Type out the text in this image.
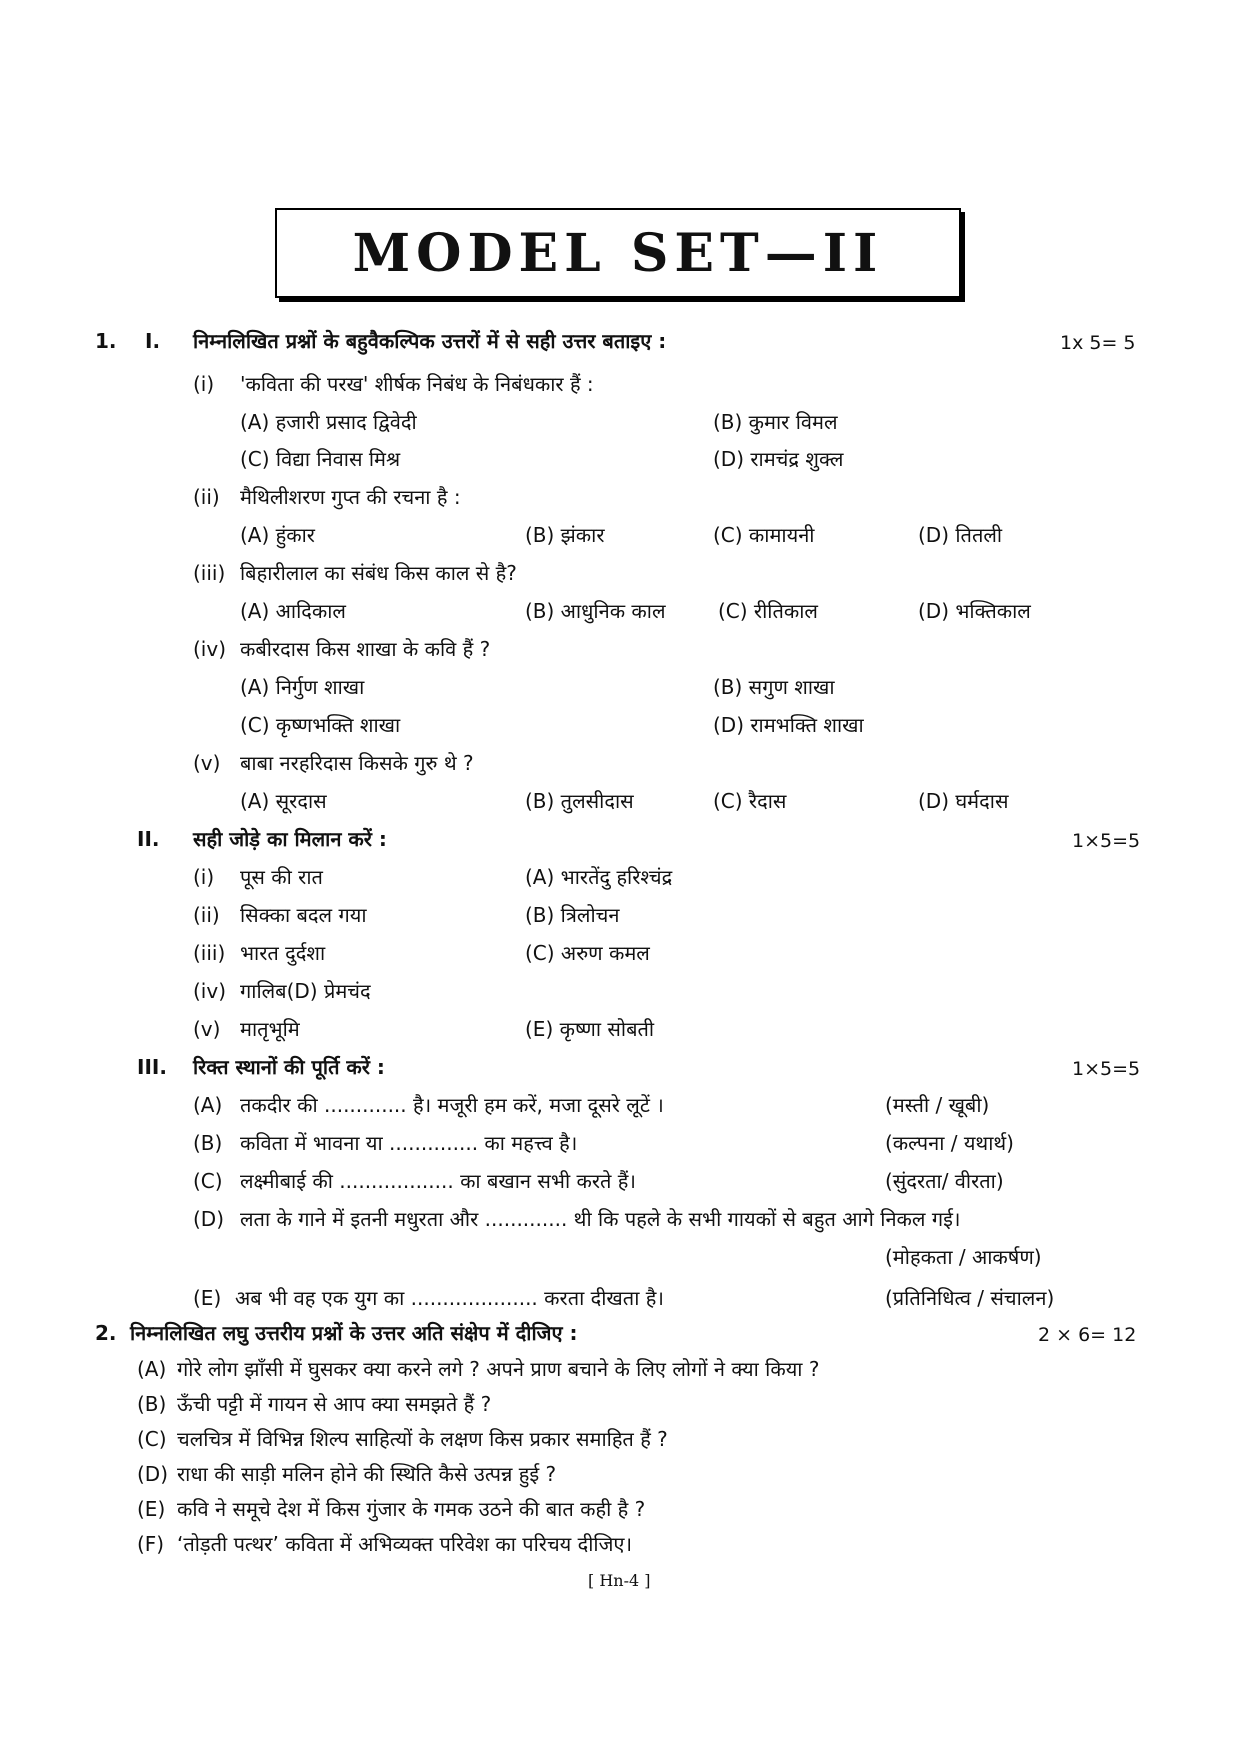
MODEL SET—II
1. I. निम्नलिखित प्रश्नों के बहुवैकल्पिक उत्तरों में से सही उत्तर बताइए :	1x 5= 5
(i) 'कविता की परख' शीर्षक निबंध के निबंधकार हैं :
(A) हजारी प्रसाद द्विवेदी	(B) कुमार विमल
(C) विद्या निवास मिश्र	(D) रामचंद्र शुक्ल
(ii) मैथिलीशरण गुप्त की रचना है :
(A) हुंकार	(B) झंकार	(C) कामायनी	(D) तितली
(iii) बिहारीलाल का संबंध किस काल से है?
(A) आदिकाल	(B) आधुनिक काल	(C) रीतिकाल	(D) भक्तिकाल
(iv) कबीरदास किस शाखा के कवि हैं ?
(A) निर्गुण शाखा	(B) सगुण शाखा
(C) कृष्णभक्ति शाखा	(D) रामभक्ति शाखा
(v) बाबा नरहरिदास किसके गुरु थे ?
(A) सूरदास	(B) तुलसीदास	(C) रैदास	(D) घर्मदास
II. सही जोड़े का मिलान करें :	1×5=5
(i) पूस की रात	(A) भारतेंदु हरिश्चंद्र
(ii) सिक्का बदल गया	(B) त्रिलोचन
(iii) भारत दुर्दशा	(C) अरुण कमल
(iv) गालिब(D) प्रेमचंद
(v) मातृभूमि	(E) कृष्णा सोबती
III. रिक्त स्थानों की पूर्ति करें :	1×5=5
(A) तकदीर की ............. है। मजूरी हम करें, मजा दूसरे लूटें ।	(मस्ती / खूबी)
(B) कविता में भावना या .............. का महत्त्व है।	(कल्पना / यथार्थ)
(C) लक्ष्मीबाई की .................. का बखान सभी करते हैं।	(सुंदरता/ वीरता)
(D) लता के गाने में इतनी मधुरता और ............. थी कि पहले के सभी गायकों से बहुत आगे निकल गई।
(मोहकता / आकर्षण)
(E) अब भी वह एक युग का .................... करता दीखता है।	(प्रतिनिधित्व / संचालन)
2. निम्नलिखित लघु उत्तरीय प्रश्नों के उत्तर अति संक्षेप में दीजिए :	2 × 6= 12
(A) गोरे लोग झाँसी में घुसकर क्या करने लगे ? अपने प्राण बचाने के लिए लोगों ने क्या किया ?
(B) ऊँची पट्टी में गायन से आप क्या समझते हैं ?
(C) चलचित्र में विभिन्न शिल्प साहित्यों के लक्षण किस प्रकार समाहित हैं ?
(D) राधा की साड़ी मलिन होने की स्थिति कैसे उत्पन्न हुई ?
(E) कवि ने समूचे देश में किस गुंजार के गमक उठने की बात कही है ?
(F) ‘तोड़ती पत्थर’ कविता में अभिव्यक्त परिवेश का परिचय दीजिए।
[ Hn-4 ]
